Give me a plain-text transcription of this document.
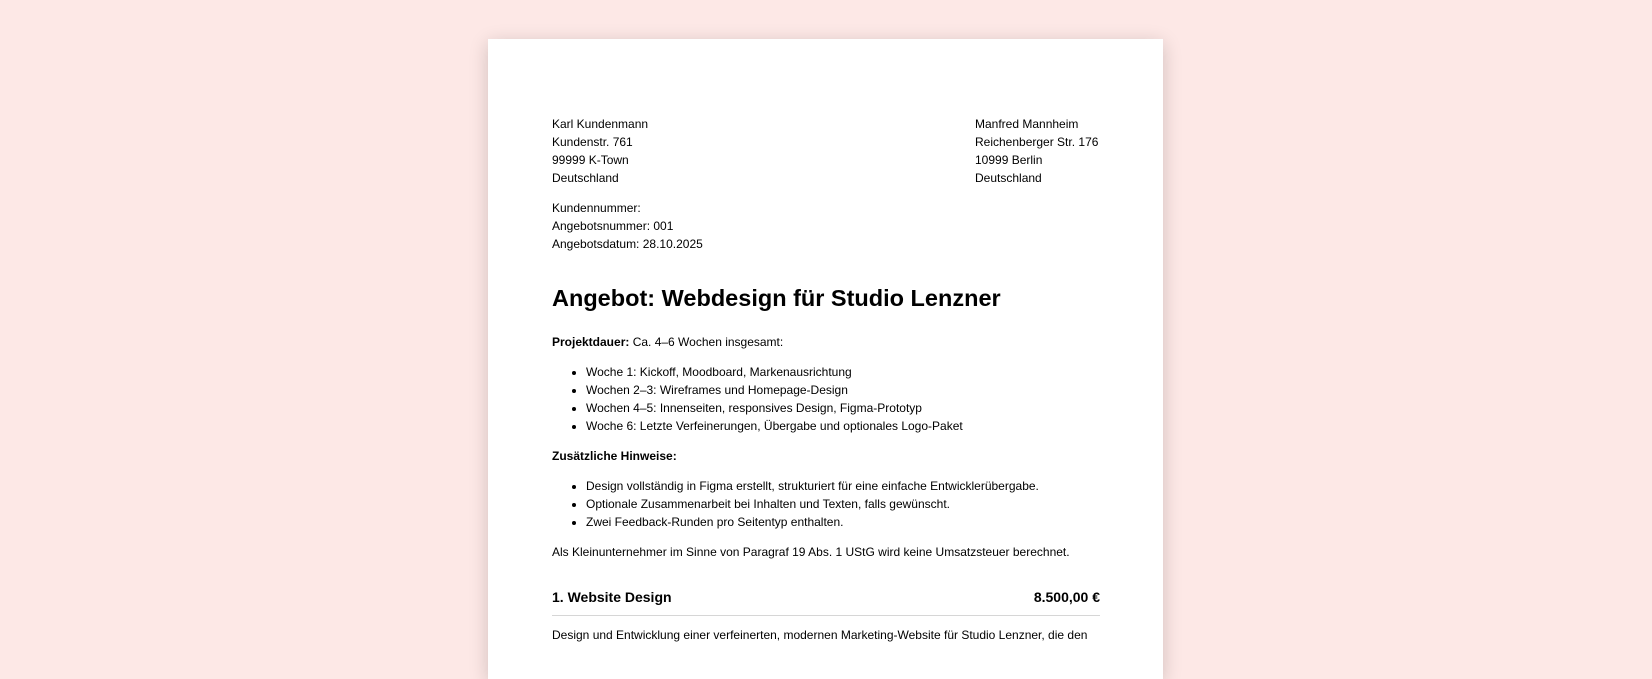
Karl Kundenmann
Kundenstr. 761
99999 K-Town
Deutschland
Manfred Mannheim
Reichenberger Str. 176
10999 Berlin
Deutschland
Kundennummer:
Angebotsnummer: 001
Angebotsdatum: 28.10.2025
Angebot: Webdesign für Studio Lenzner
Projektdauer: Ca. 4–6 Wochen insgesamt:
• Woche 1: Kickoff, Moodboard, Markenausrichtung
• Wochen 2–3: Wireframes und Homepage-Design
• Wochen 4–5: Innenseiten, responsives Design, Figma-Prototyp
• Woche 6: Letzte Verfeinerungen, Übergabe und optionales Logo-Paket
Zusätzliche Hinweise:
• Design vollständig in Figma erstellt, strukturiert für eine einfache Entwicklerübergabe.
• Optionale Zusammenarbeit bei Inhalten und Texten, falls gewünscht.
• Zwei Feedback-Runden pro Seitentyp enthalten.
Als Kleinunternehmer im Sinne von Paragraf 19 Abs. 1 UStG wird keine Umsatzsteuer berechnet.
1. Website Design	8.500,00 €
Design und Entwicklung einer verfeinerten, modernen Marketing-Website für Studio Lenzner, die den
